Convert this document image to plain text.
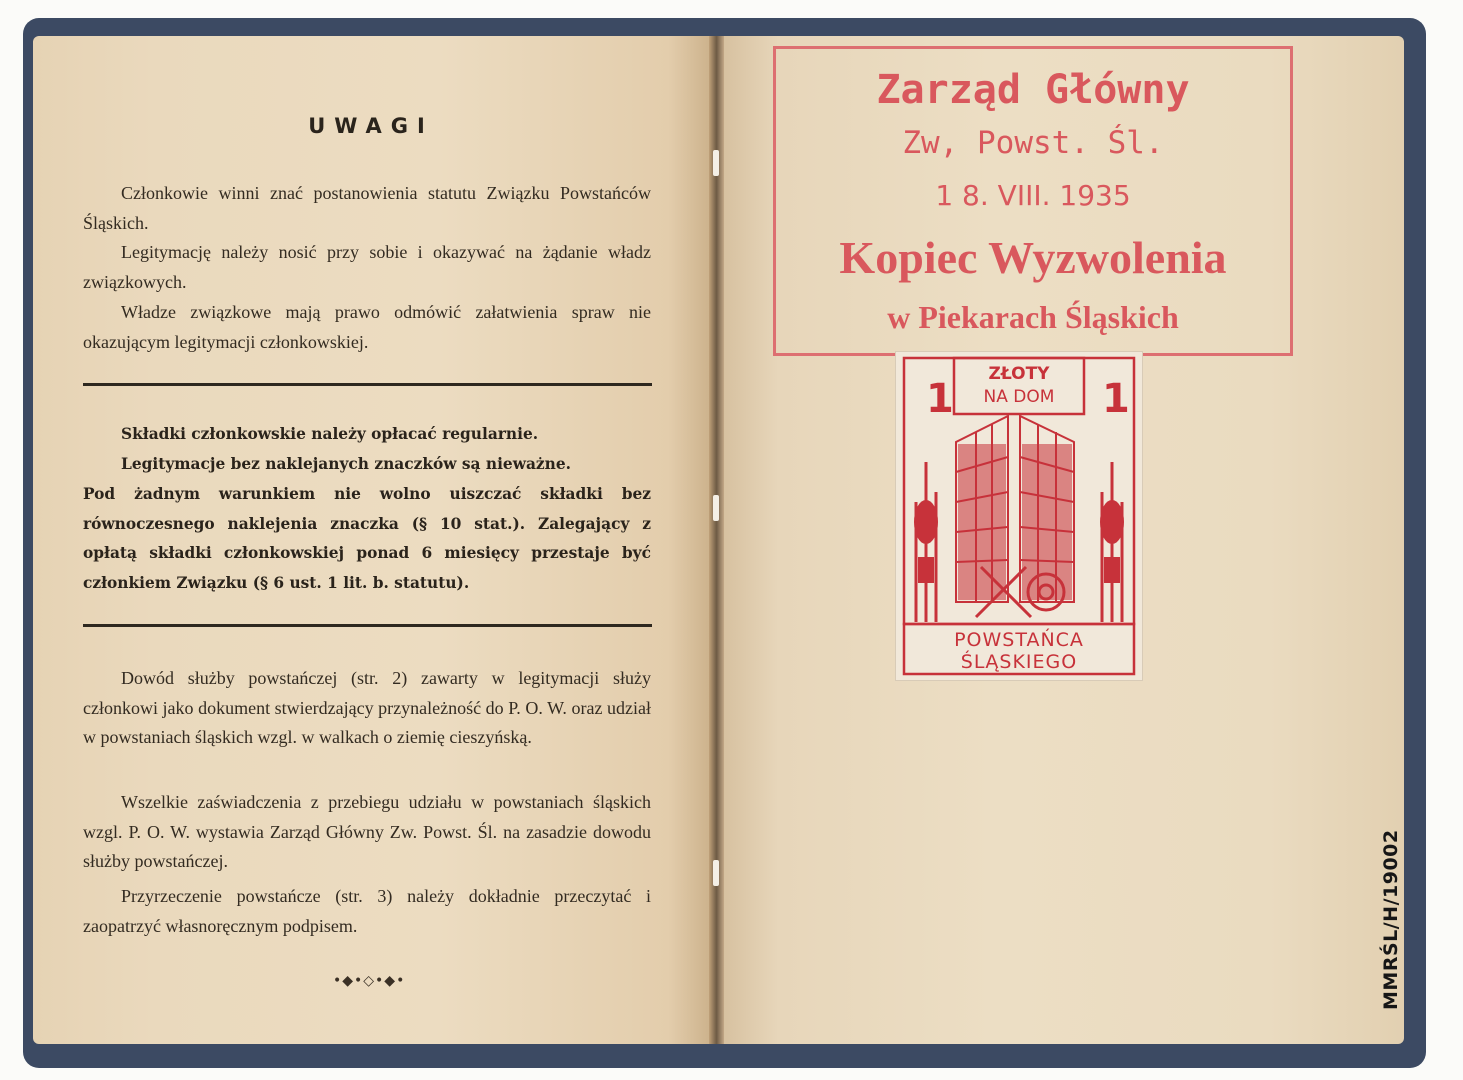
UWAGI
Członkowie winni znać postanowienia statutu Związku Powstańców Śląskich.
Legitymację należy nosić przy sobie i okazywać na żądanie władz związkowych.
Władze związkowe mają prawo odmówić załatwienia spraw nie okazującym legitymacji członkowskiej.
Składki członkowskie należy opłacać regularnie.
Legitymacje bez naklejanych znaczków są nieważne.
Pod żadnym warunkiem nie wolno uiszczać składki bez równoczesnego naklejenia znaczka (§ 10 stat.). Zalegający z opłatą składki członkowskiej ponad 6 miesięcy przestaje być członkiem Związku (§ 6 ust. 1 lit. b. statutu).
Dowód służby powstańczej (str. 2) zawarty w legitymacji służy członkowi jako dokument stwierdzający przynależność do P. O. W. oraz udział w powstaniach śląskich wzgl. w walkach o ziemię cieszyńską.
Wszelkie zaświadczenia z przebiegu udziału w powstaniach śląskich wzgl. P. O. W. wystawia Zarząd Główny Zw. Powst. Śl. na zasadzie dowodu służby powstańczej.
Przyrzeczenie powstańcze (str. 3) należy dokładnie przeczytać i zaopatrzyć własnoręcznym podpisem.
•◆•◇•◆•
Zarząd Główny
Zw, Powst. Śl.
1 8. VIII. 1935
Kopiec Wyzwolenia
w Piekarach Śląskich
1	1
ZŁOTY
NA DOM
POWSTAŃCA
ŚLĄSKIEGO
MMRŚL/H/19002
